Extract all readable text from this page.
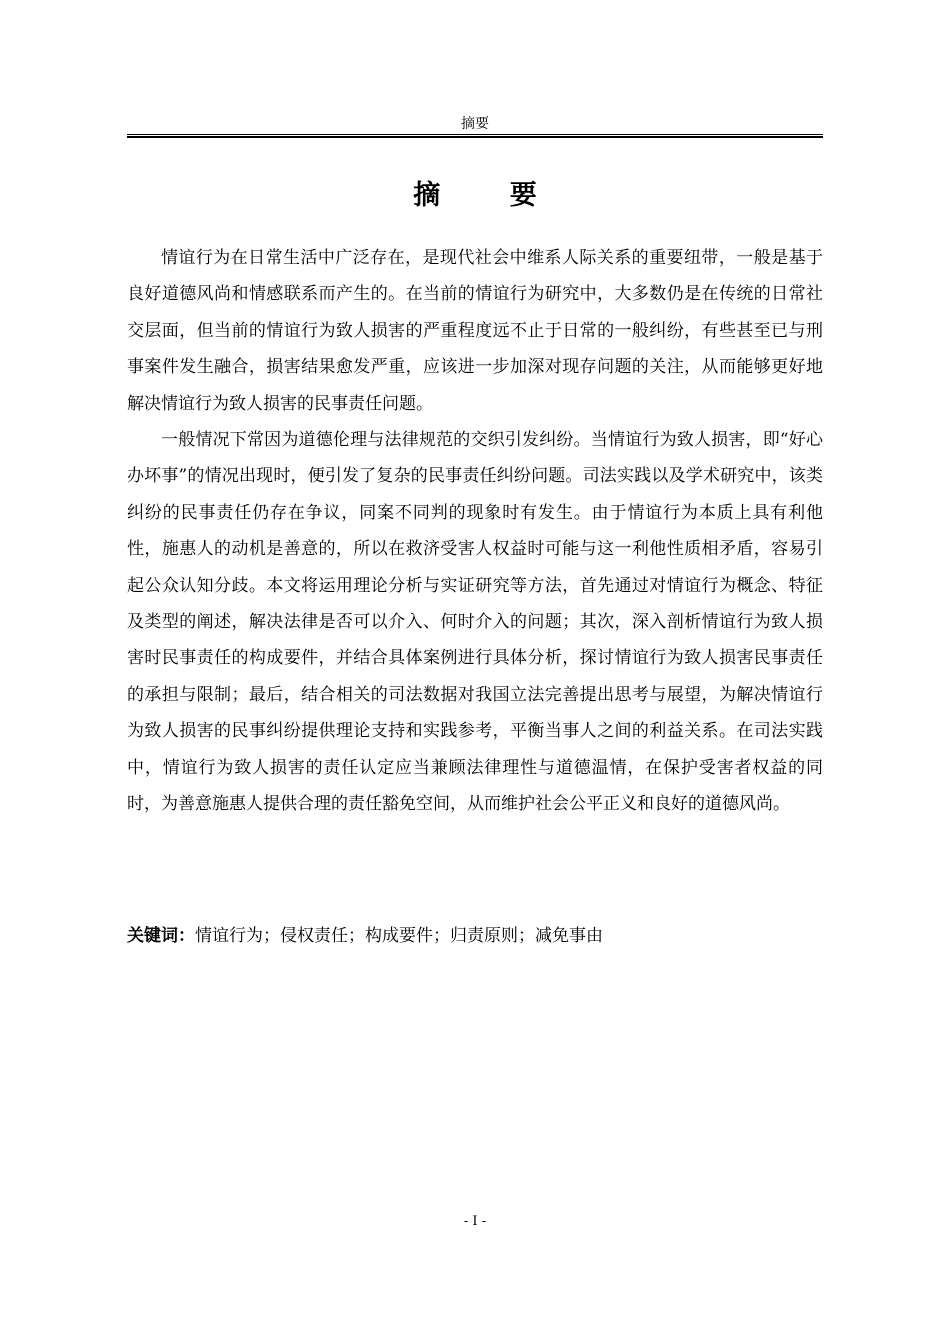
摘要
摘 要

情谊行为在日常生活中广泛存在，是现代社会中维系人际关系的重要纽带，一般是基于良好道德风尚和情感联系而产生的。在当前的情谊行为研究中，大多数仍是在传统的日常社交层面，但当前的情谊行为致人损害的严重程度远不止于日常的一般纠纷，有些甚至已与刑事案件发生融合，损害结果愈发严重，应该进一步加深对现存问题的关注，从而能够更好地解决情谊行为致人损害的民事责任问题。

一般情况下常因为道德伦理与法律规范的交织引发纠纷。当情谊行为致人损害，即“好心办坏事”的情况出现时，便引发了复杂的民事责任纠纷问题。司法实践以及学术研究中，该类纠纷的民事责任仍存在争议，同案不同判的现象时有发生。由于情谊行为本质上具有利他性，施惠人的动机是善意的，所以在救济受害人权益时可能与这一利他性质相矛盾，容易引起公众认知分歧。本文将运用理论分析与实证研究等方法，首先通过对情谊行为概念、特征及类型的阐述，解决法律是否可以介入、何时介入的问题；其次，深入剖析情谊行为致人损害时民事责任的构成要件，并结合具体案例进行具体分析，探讨情谊行为致人损害民事责任的承担与限制；最后，结合相关的司法数据对我国立法完善提出思考与展望，为解决情谊行为致人损害的民事纠纷提供理论支持和实践参考，平衡当事人之间的利益关系。在司法实践中，情谊行为致人损害的责任认定应当兼顾法律理性与道德温情，在保护受害者权益的同时，为善意施惠人提供合理的责任豁免空间，从而维护社会公平正义和良好的道德风尚。

关键词：情谊行为；侵权责任；构成要件；归责原则；减免事由
- I -
